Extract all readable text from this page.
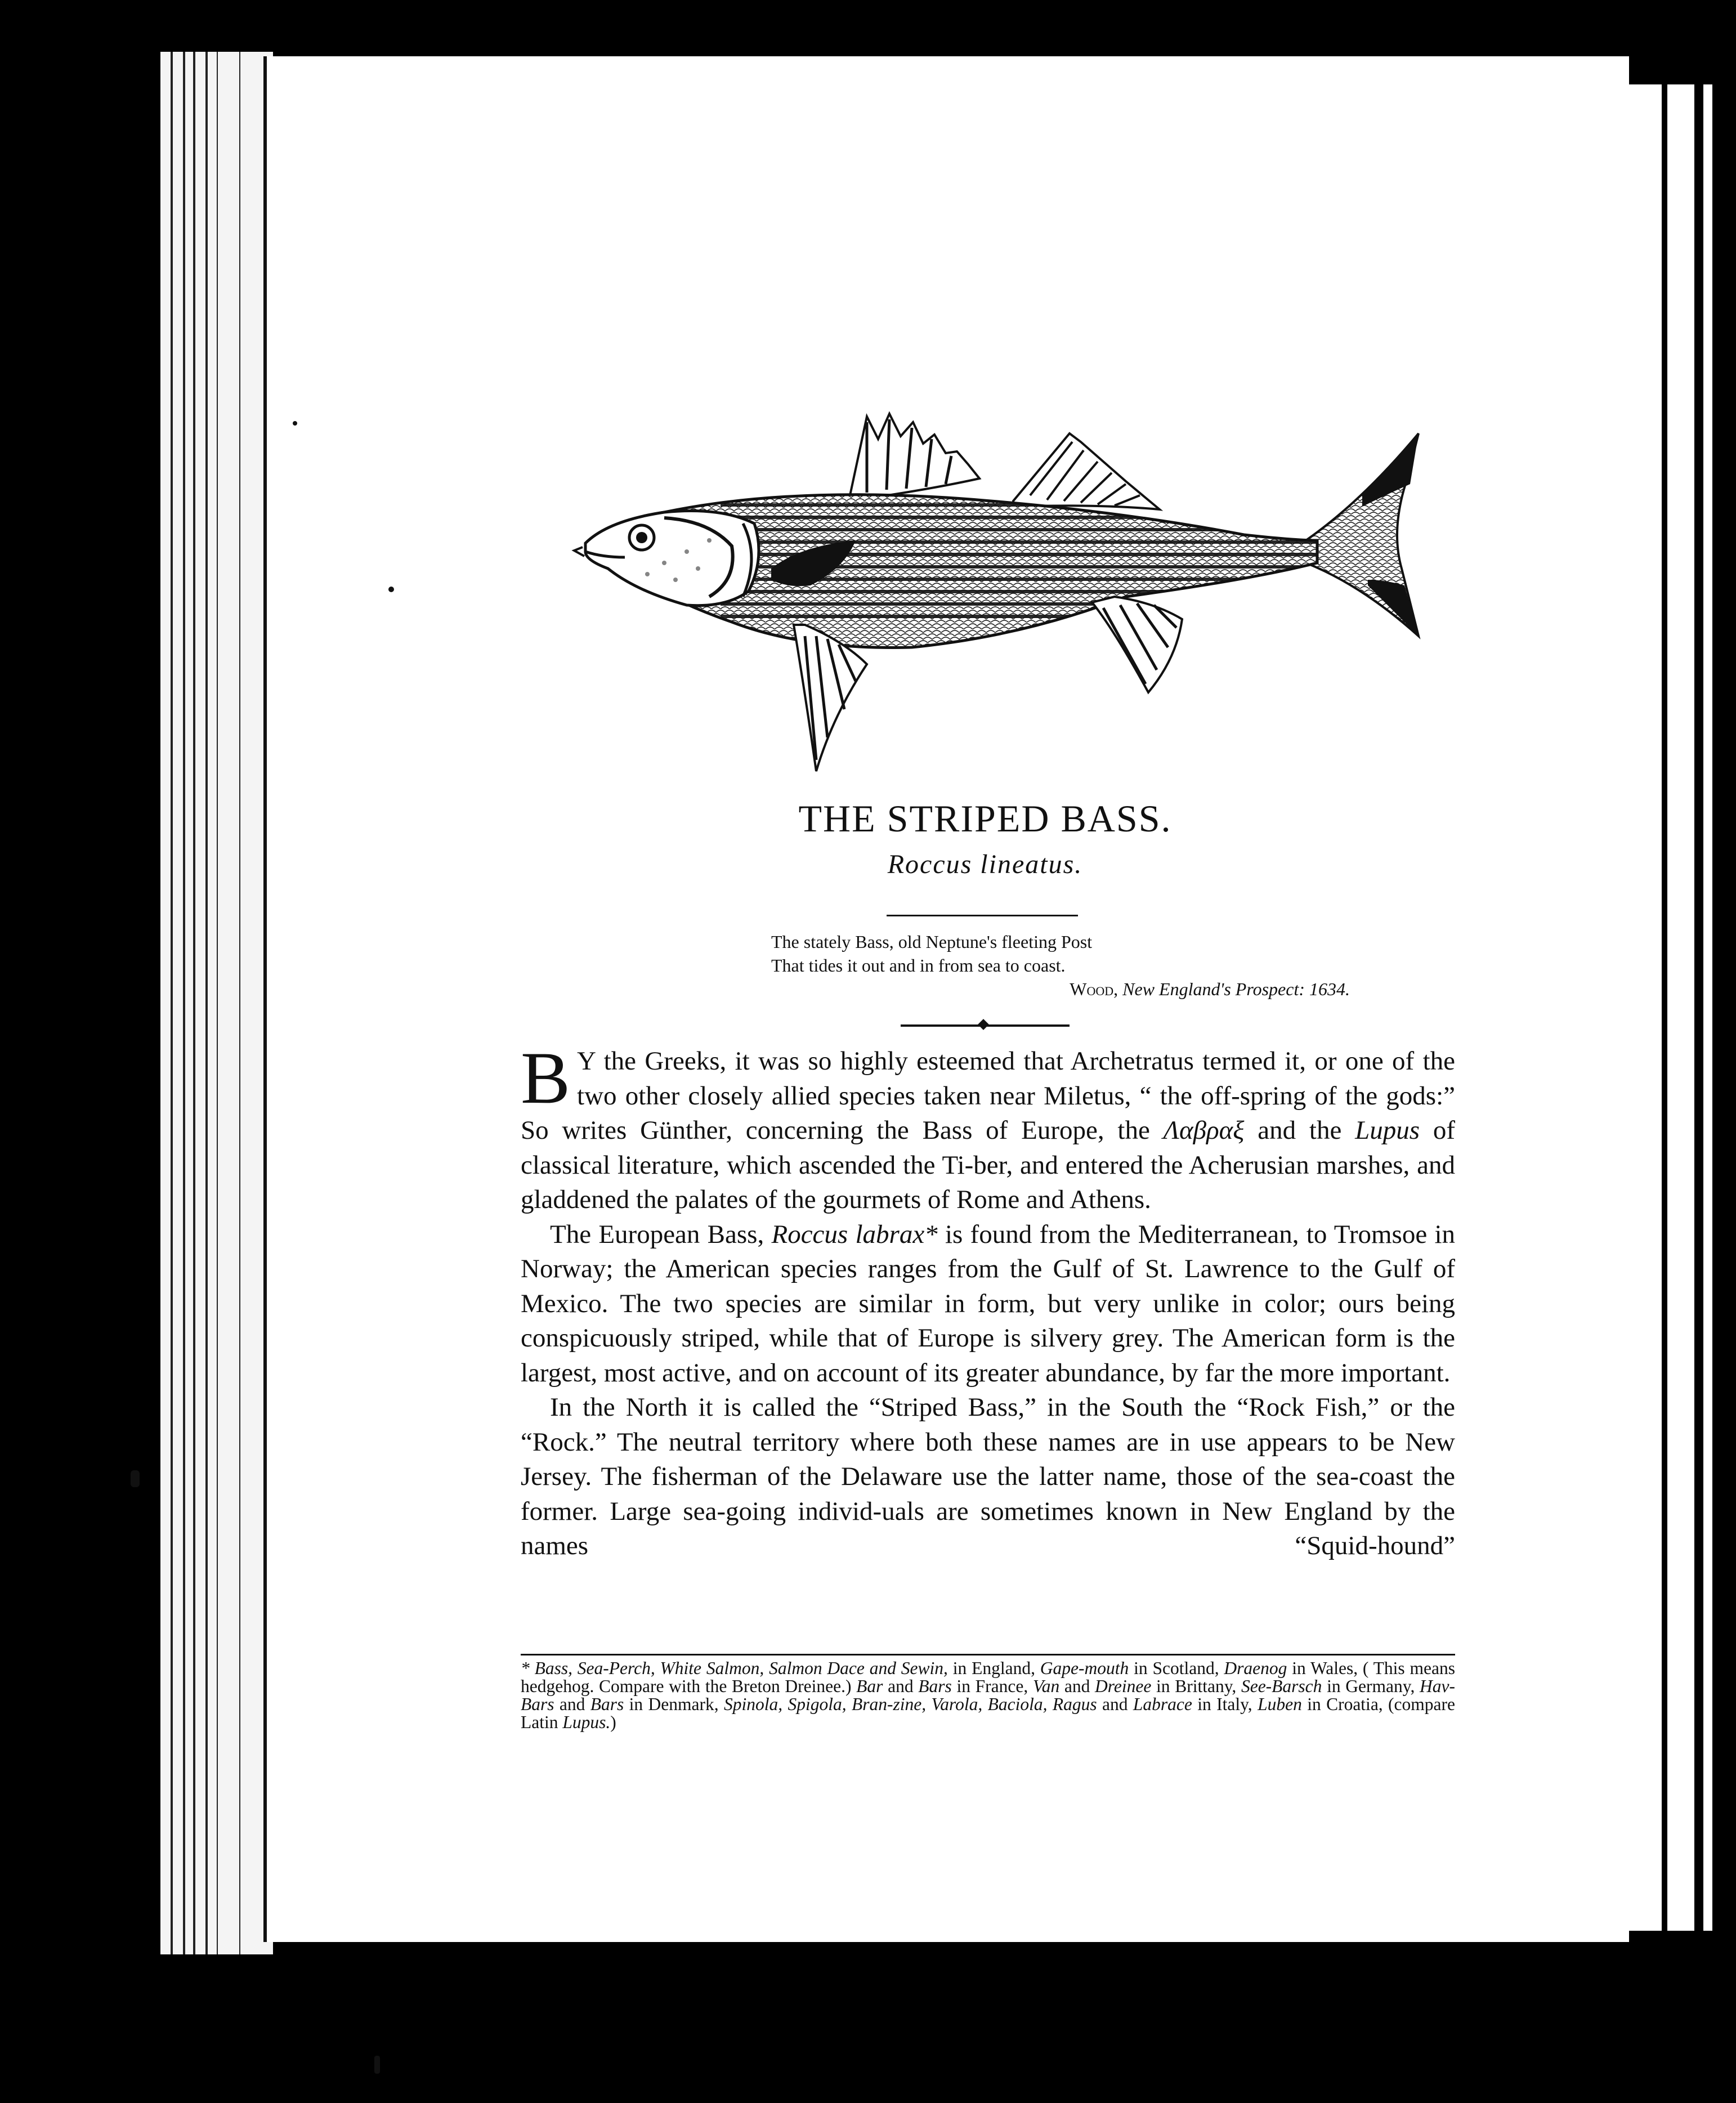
THE STRIPED BASS.
Roccus lineatus.
The stately Bass, old Neptune's fleeting Post
That tides it out and in from sea to coast.
Wood, New England's Prospect: 1634.

B Y the Greeks, it was so highly esteemed that Archetratus termed it, or one of the two other closely allied species taken near Miletus, “ the off-spring of the gods:” So writes Günther, concerning the Bass of Europe, the Λαβραξ and the Lupus of classical literature, which ascended the Ti-ber, and entered the Acherusian marshes, and gladdened the palates of the gourmets of Rome and Athens.

The European Bass, Roccus labrax* is found from the Mediterranean, to Tromsoe in Norway; the American species ranges from the Gulf of St. Lawrence to the Gulf of Mexico. The two species are similar in form, but very unlike in color; ours being conspicuously striped, while that of Europe is silvery grey. The American form is the largest, most active, and on account of its greater abundance, by far the more important.

In the North it is called the “Striped Bass,” in the South the “Rock Fish,” or the “Rock.” The neutral territory where both these names are in use appears to be New Jersey. The fisherman of the Delaware use the latter name, those of the sea-coast the former. Large sea-going individ-uals are sometimes known in New England by the names “Squid-hound”

* Bass, Sea-Perch, White Salmon, Salmon Dace and Sewin, in England, Gape-mouth in Scotland, Draenog in Wales, ( This means hedgehog. Compare with the Breton Dreinee.) Bar and Bars in France, Van and Dreinee in Brittany, See-Barsch in Germany, Hav-Bars and Bars in Denmark, Spinola, Spigola, Bran-zine, Varola, Baciola, Ragus and Labrace in Italy, Luben in Croatia, (compare Latin Lupus.)
